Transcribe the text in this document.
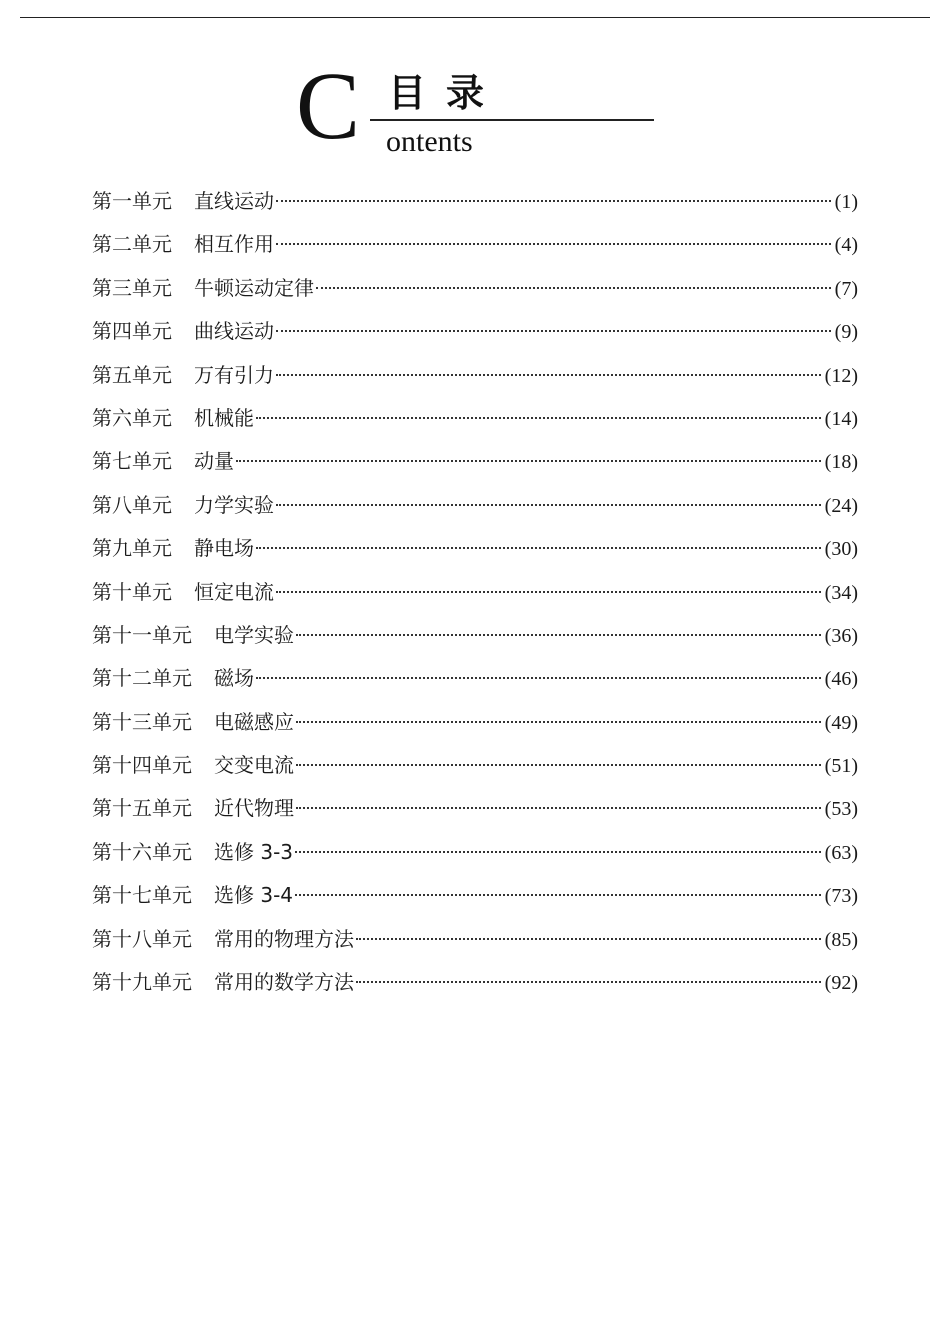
C 目录
ontents
第一单元 直线运动	(1)
第二单元 相互作用	(4)
第三单元 牛顿运动定律	(7)
第四单元 曲线运动	(9)
第五单元 万有引力	(12)
第六单元 机械能	(14)
第七单元 动量	(18)
第八单元 力学实验	(24)
第九单元 静电场	(30)
第十单元 恒定电流	(34)
第十一单元 电学实验	(36)
第十二单元 磁场	(46)
第十三单元 电磁感应	(49)
第十四单元 交变电流	(51)
第十五单元 近代物理	(53)
第十六单元 选修 3-3	(63)
第十七单元 选修 3-4	(73)
第十八单元 常用的物理方法	(85)
第十九单元 常用的数学方法	(92)
